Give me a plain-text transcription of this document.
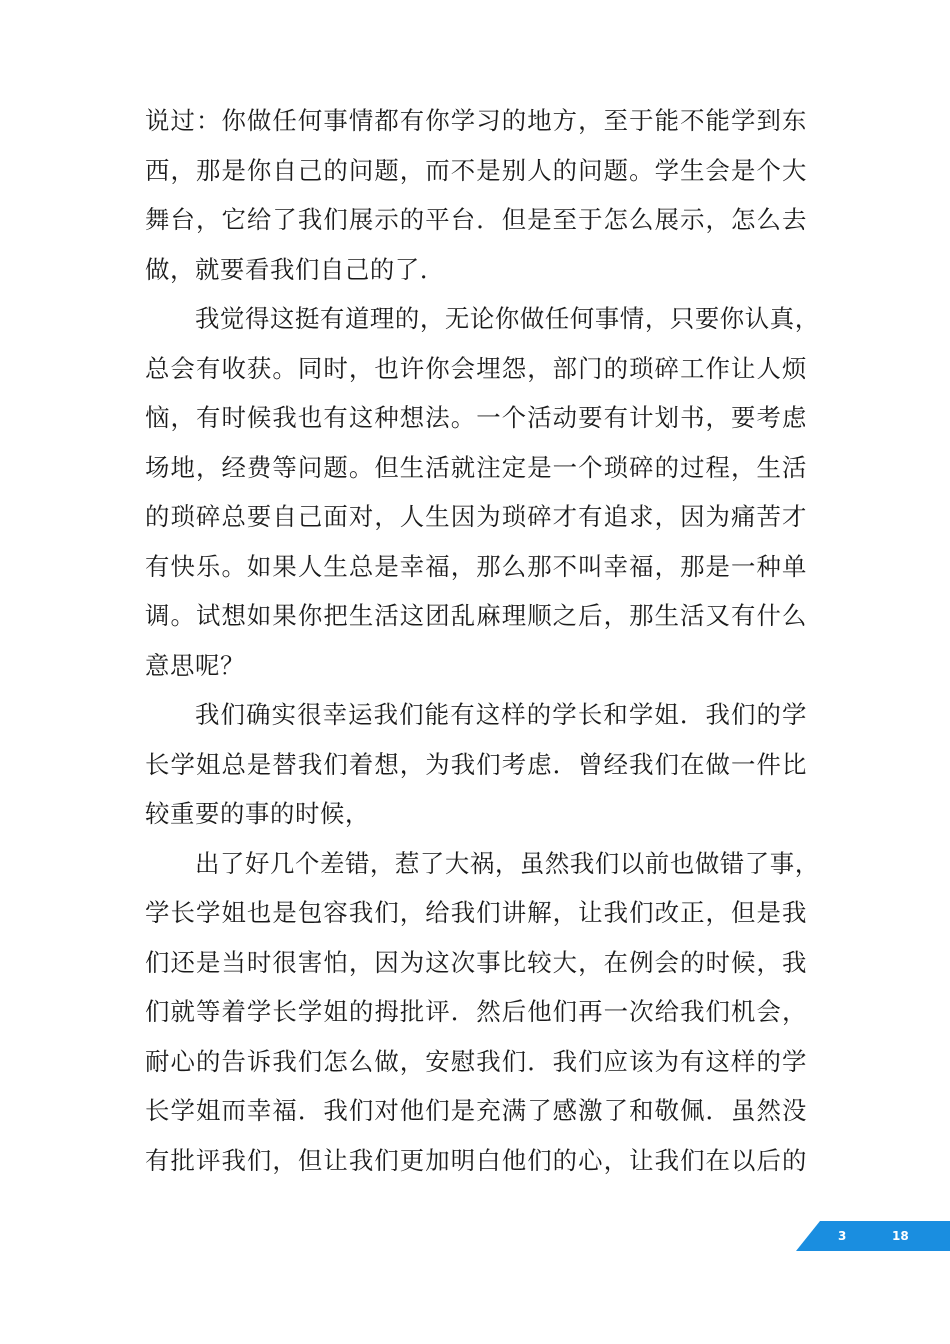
说过：你做任何事情都有你学习的地方，至于能不能学到东
西，那是你自己的问题，而不是别人的问题。学生会是个大
舞台，它给了我们展示的平台．但是至于怎么展示，怎么去
做，就要看我们自己的了．
我觉得这挺有道理的，无论你做任何事情，只要你认真，
总会有收获。同时，也许你会埋怨，部门的琐碎工作让人烦
恼，有时候我也有这种想法。一个活动要有计划书，要考虑
场地，经费等问题。但生活就注定是一个琐碎的过程，生活
的琐碎总要自己面对，人生因为琐碎才有追求，因为痛苦才
有快乐。如果人生总是幸福，那么那不叫幸福，那是一种单
调。试想如果你把生活这团乱麻理顺之后，那生活又有什么
意思呢？
我们确实很幸运我们能有这样的学长和学姐．我们的学
长学姐总是替我们着想，为我们考虑．曾经我们在做一件比
较重要的事的时候，
出了好几个差错，惹了大祸，虽然我们以前也做错了事，
学长学姐也是包容我们，给我们讲解，让我们改正，但是我
们还是当时很害怕，因为这次事比较大，在例会的时候，我
们就等着学长学姐的拇批评．然后他们再一次给我们机会，
耐心的告诉我们怎么做，安慰我们．我们应该为有这样的学
长学姐而幸福．我们对他们是充满了感激了和敬佩．虽然没
有批评我们，但让我们更加明白他们的心，让我们在以后的
3	18
